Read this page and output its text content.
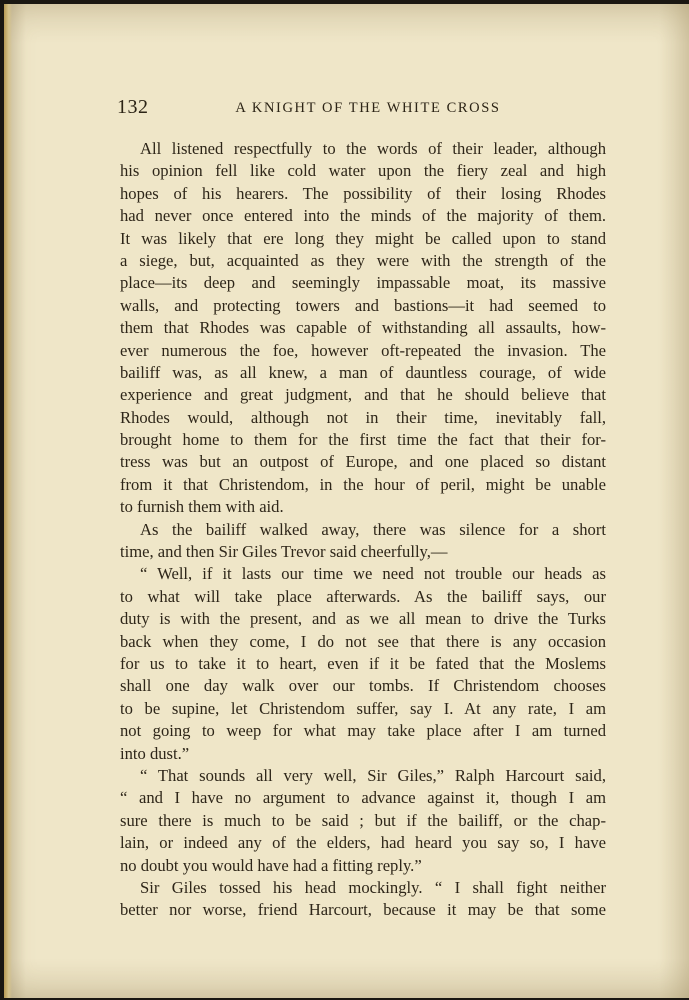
132	A KNIGHT OF THE WHITE CROSS
All listened respectfully to the words of their leader, although
his opinion fell like cold water upon the fiery zeal and high
hopes of his hearers. The possibility of their losing Rhodes
had never once entered into the minds of the majority of them.
It was likely that ere long they might be called upon to stand
a siege, but, acquainted as they were with the strength of the
place—its deep and seemingly impassable moat, its massive
walls, and protecting towers and bastions—it had seemed to
them that Rhodes was capable of withstanding all assaults, how-
ever numerous the foe, however oft-repeated the invasion. The
bailiff was, as all knew, a man of dauntless courage, of wide
experience and great judgment, and that he should believe that
Rhodes would, although not in their time, inevitably fall,
brought home to them for the first time the fact that their for-
tress was but an outpost of Europe, and one placed so distant
from it that Christendom, in the hour of peril, might be unable
to furnish them with aid.
As the bailiff walked away, there was silence for a short
time, and then Sir Giles Trevor said cheerfully,—
“ Well, if it lasts our time we need not trouble our heads as
to what will take place afterwards. As the bailiff says, our
duty is with the present, and as we all mean to drive the Turks
back when they come, I do not see that there is any occasion
for us to take it to heart, even if it be fated that the Moslems
shall one day walk over our tombs. If Christendom chooses
to be supine, let Christendom suffer, say I. At any rate, I am
not going to weep for what may take place after I am turned
into dust.”
“ That sounds all very well, Sir Giles,” Ralph Harcourt said,
“ and I have no argument to advance against it, though I am
sure there is much to be said ; but if the bailiff, or the chap-
lain, or indeed any of the elders, had heard you say so, I have
no doubt you would have had a fitting reply.”
Sir Giles tossed his head mockingly. “ I shall fight neither
better nor worse, friend Harcourt, because it may be that some
